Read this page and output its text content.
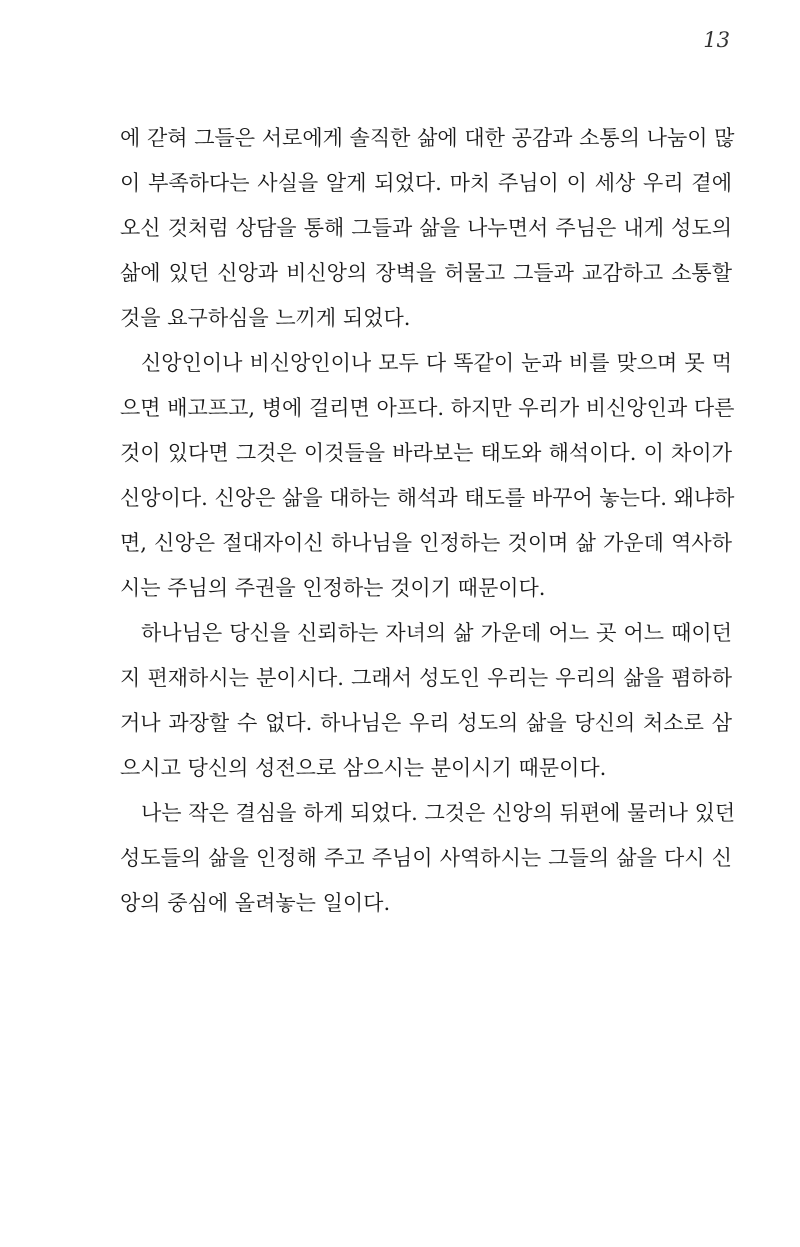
13
에 갇혀 그들은 서로에게 솔직한 삶에 대한 공감과 소통의 나눔이 많
이 부족하다는 사실을 알게 되었다. 마치 주님이 이 세상 우리 곁에
오신 것처럼 상담을 통해 그들과 삶을 나누면서 주님은 내게 성도의
삶에 있던 신앙과 비신앙의 장벽을 허물고 그들과 교감하고 소통할
것을 요구하심을 느끼게 되었다.
신앙인이나 비신앙인이나 모두 다 똑같이 눈과 비를 맞으며 못 먹
으면 배고프고, 병에 걸리면 아프다. 하지만 우리가 비신앙인과 다른
것이 있다면 그것은 이것들을 바라보는 태도와 해석이다. 이 차이가
신앙이다. 신앙은 삶을 대하는 해석과 태도를 바꾸어 놓는다. 왜냐하
면, 신앙은 절대자이신 하나님을 인정하는 것이며 삶 가운데 역사하
시는 주님의 주권을 인정하는 것이기 때문이다.
하나님은 당신을 신뢰하는 자녀의 삶 가운데 어느 곳 어느 때이던
지 편재하시는 분이시다. 그래서 성도인 우리는 우리의 삶을 폄하하
거나 과장할 수 없다. 하나님은 우리 성도의 삶을 당신의 처소로 삼
으시고 당신의 성전으로 삼으시는 분이시기 때문이다.
나는 작은 결심을 하게 되었다. 그것은 신앙의 뒤편에 물러나 있던
성도들의 삶을 인정해 주고 주님이 사역하시는 그들의 삶을 다시 신
앙의 중심에 올려놓는 일이다.
